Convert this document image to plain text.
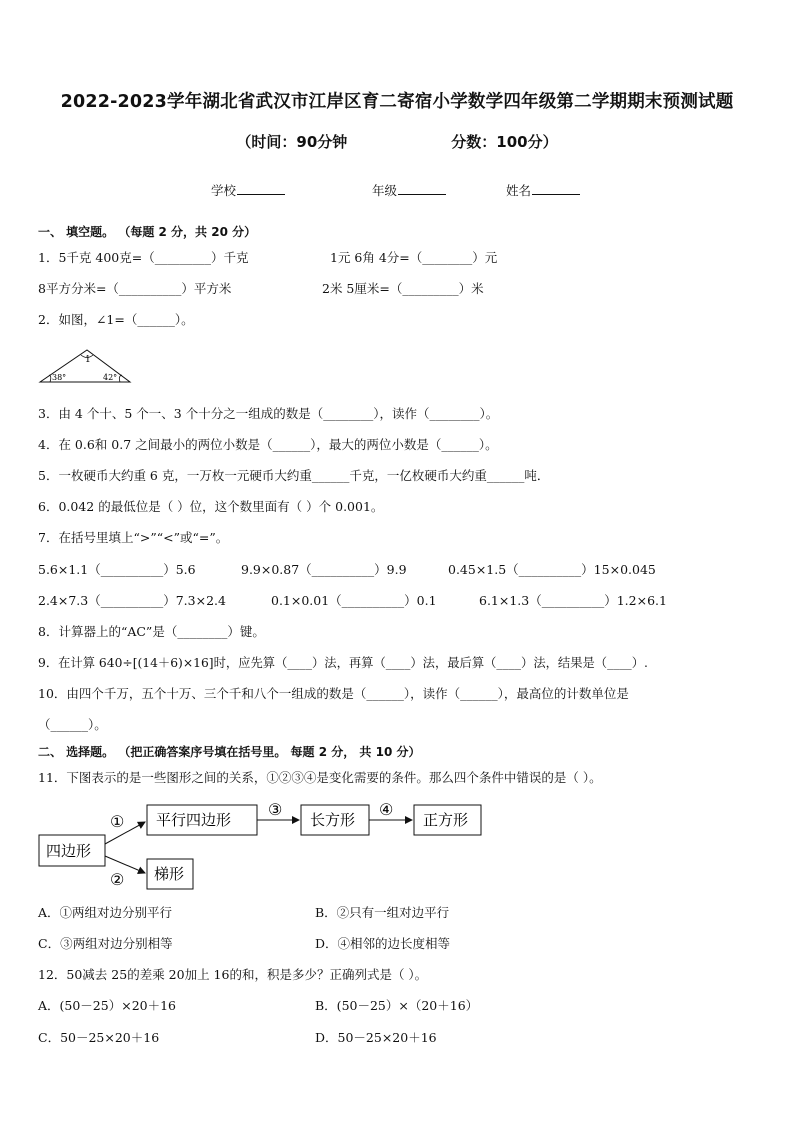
2022-2023学年湖北省武汉市江岸区育二寄宿小学数学四年级第二学期期末预测试题
（时间：90分钟	分数：100分）
学校	年级	姓名
一、 填空题。 （每题 2 分，共 20 分）
1．5千克 400克=（_________）千克	1元 6角 4分=（________）元
8平方分米=（__________）平方米	2米 5厘米=（_________）米
2．如图，∠1=（______）。
1
38°	42°
3．由 4 个十、5 个一、3 个十分之一组成的数是（________），读作（________）。
4．在 0.6和 0.7 之间最小的两位小数是（______），最大的两位小数是（______）。
5．一枚硬币大约重 6 克，一万枚一元硬币大约重______千克，一亿枚硬币大约重______吨．
6．0.042 的最低位是（ ）位，这个数里面有（ ）个 0.001。
7．在括号里填上“>”“<”或“=”。
5.6×1.1（__________）5.6	9.9×0.87（__________）9.9	0.45×1.5（__________）15×0.045
2.4×7.3（__________）7.3×2.4	0.1×0.01（__________）0.1	6.1×1.3（__________）1.2×6.1
8．计算器上的“AC”是（________）键。
9．在计算 640÷[(14＋6)×16]时，应先算（____）法，再算（____）法，最后算（____）法，结果是（____）.
10．由四个千万，五个十万、三个千和八个一组成的数是（______），读作（______），最高位的计数单位是
（______）。
二、 选择题。 （把正确答案序号填在括号里。 每题 2 分， 共 10 分）
11．下图表示的是一些图形之间的关系，①②③④是变化需要的条件。那么四个条件中错误的是（ ）。
四边形
平行四边形	长方形	正方形
梯形
①
②
③	④
A．①两组对边分别平行	B．②只有一组对边平行
C．③两组对边分别相等	D．④相邻的边长度相等
12．50减去 25的差乘 20加上 16的和，积是多少？正确列式是（ ）。
A．(50－25）×20＋16	B．(50－25）×（20＋16）
C．50－25×20＋16	D．50－25×20＋16
